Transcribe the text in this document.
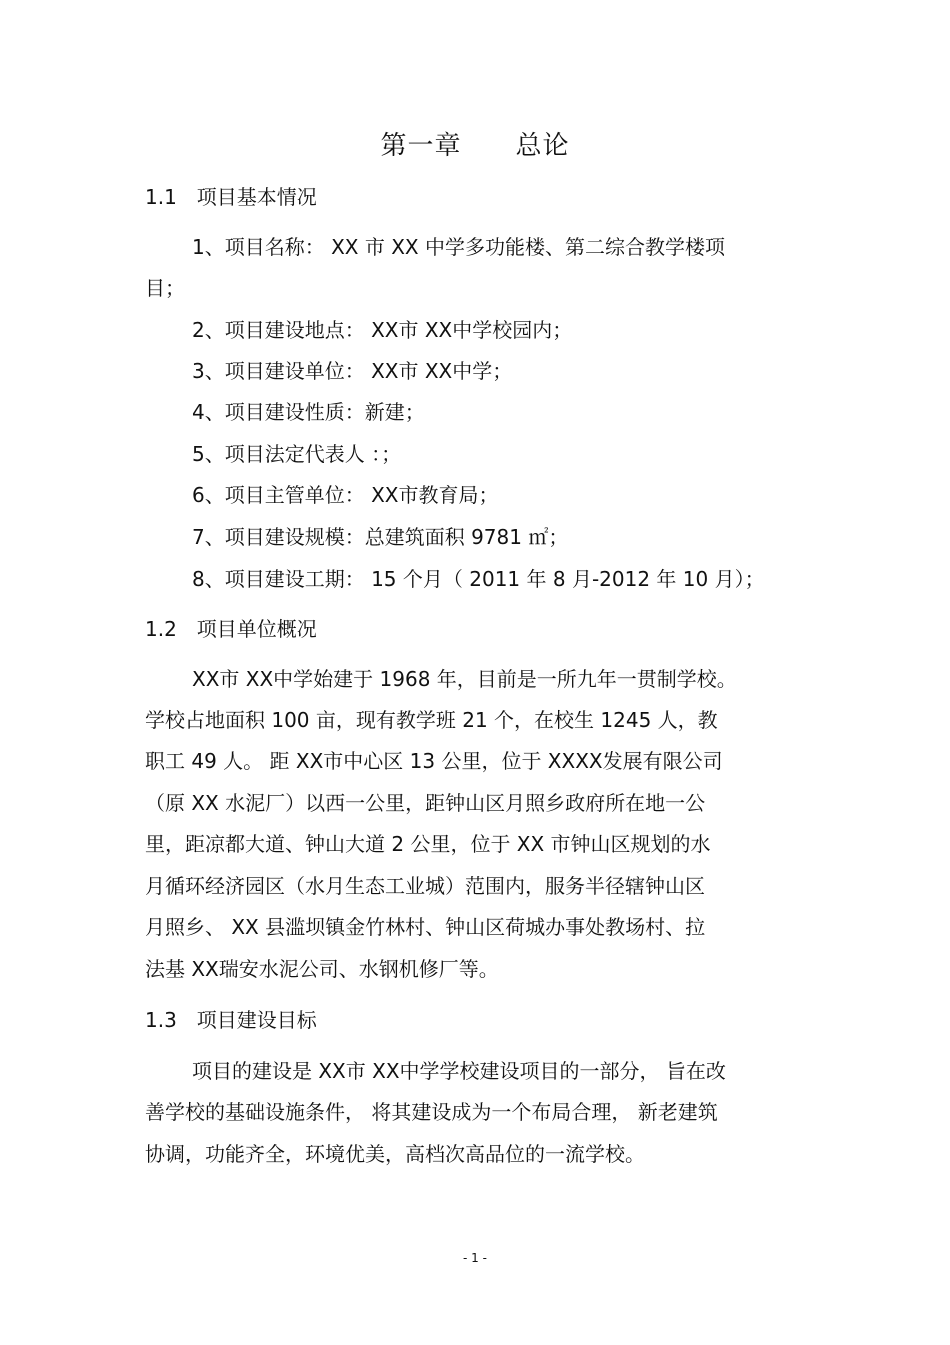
第一章　　总论
1.1　项目基本情况
1、项目名称： XX 市 XX 中学多功能楼、第二综合教学楼项
目；
2、项目建设地点： XX市 XX中学校园内；
3、项目建设单位： XX市 XX中学；
4、项目建设性质：新建；
5、项目法定代表人 ：；
6、项目主管单位： XX市教育局；
7、项目建设规模：总建筑面积 9781 ㎡；
8、项目建设工期： 15 个月（ 2011 年 8 月-2012 年 10 月）；
1.2　项目单位概况
XX市 XX中学始建于 1968 年，目前是一所九年一贯制学校。
学校占地面积 100 亩，现有教学班 21 个，在校生 1245 人，教
职工 49 人。 距 XX市中心区 13 公里，位于 XXXX发展有限公司
（原 XX 水泥厂）以西一公里，距钟山区月照乡政府所在地一公
里，距凉都大道、钟山大道 2 公里，位于 XX 市钟山区规划的水
月循环经济园区（水月生态工业城）范围内，服务半径辖钟山区
月照乡、 XX 县滥坝镇金竹林村、钟山区荷城办事处教场村、拉
法基 XX瑞安水泥公司、水钢机修厂等。
1.3　项目建设目标
项目的建设是 XX市 XX中学学校建设项目的一部分， 旨在改
善学校的基础设施条件， 将其建设成为一个布局合理， 新老建筑
协调，功能齐全，环境优美，高档次高品位的一流学校。
- 1 -
